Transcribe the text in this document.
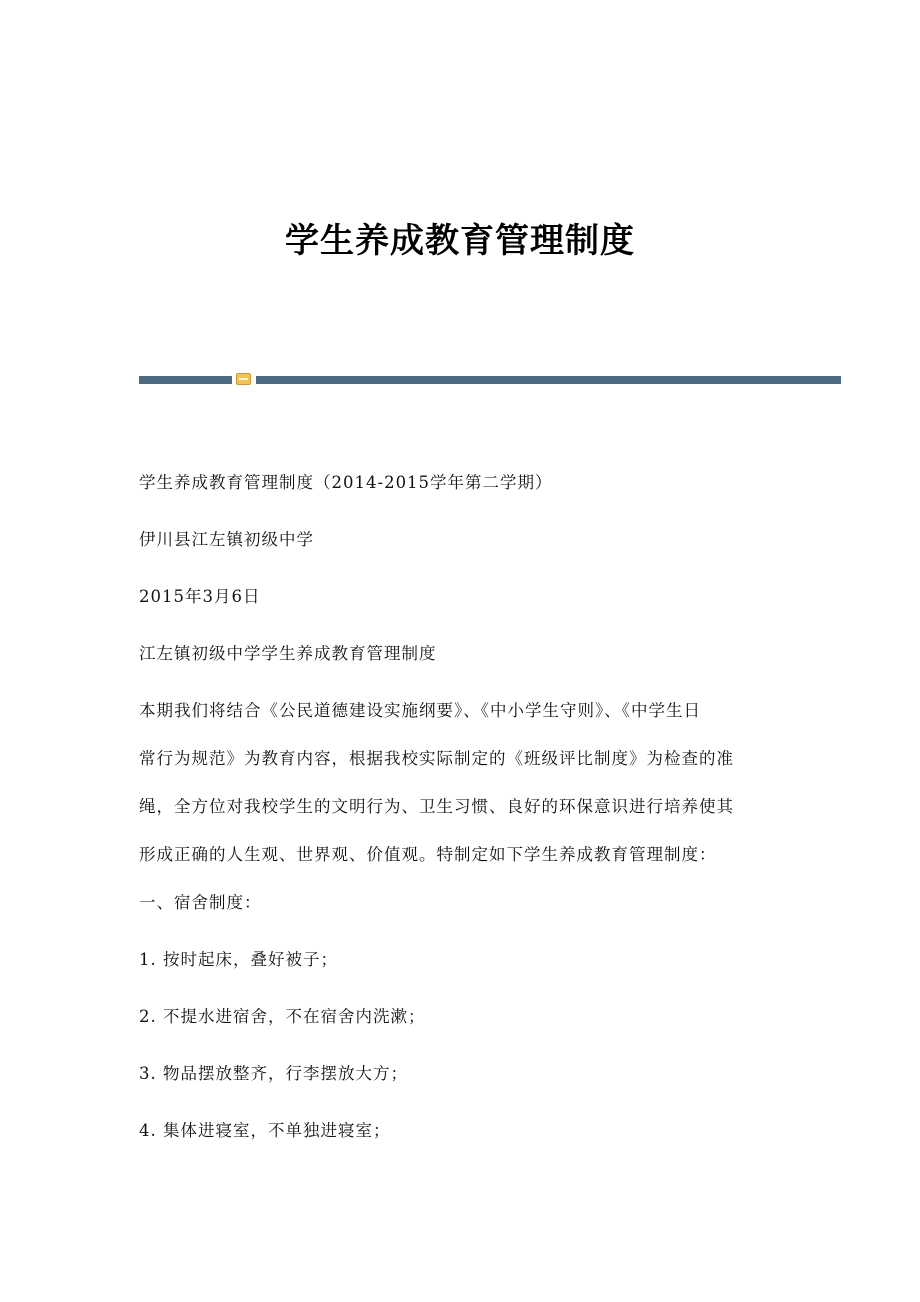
学生养成教育管理制度
学生养成教育管理制度（2014-2015学年第二学期）
伊川县江左镇初级中学
2015年3月6日
江左镇初级中学学生养成教育管理制度
本期我们将结合《公民道德建设实施纲要》、《中小学生守则》、《中学生日
常行为规范》为教育内容，根据我校实际制定的《班级评比制度》为检查的准
绳，全方位对我校学生的文明行为、卫生习惯、良好的环保意识进行培养使其
形成正确的人生观、世界观、价值观。特制定如下学生养成教育管理制度：
一、宿舍制度：
1. 按时起床，叠好被子；
2. 不提水进宿舍，不在宿舍内洗漱；
3. 物品摆放整齐，行李摆放大方；
4. 集体进寝室，不单独进寝室；
